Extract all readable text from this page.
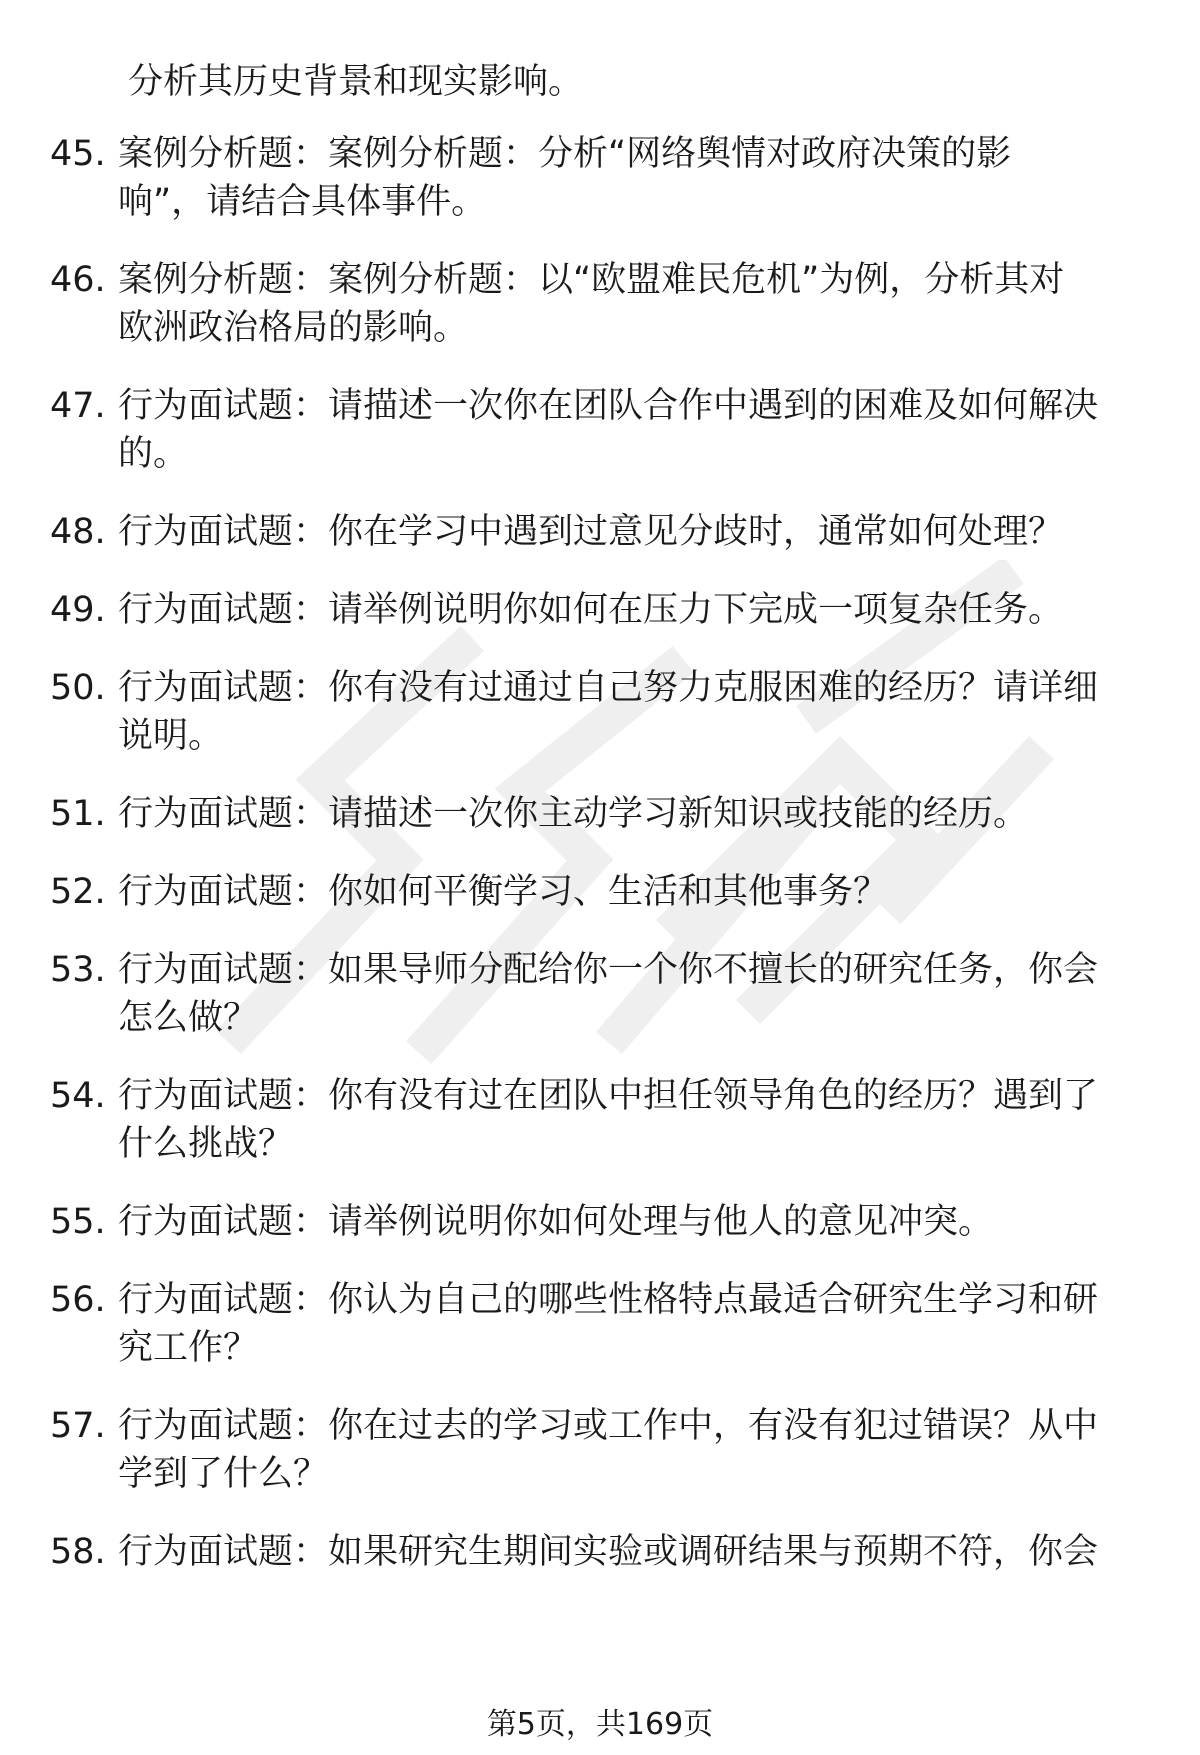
分析其历史背景和现实影响。
45. 案例分析题：案例分析题：分析“网络舆情对政府决策的影
响”，请结合具体事件。
46. 案例分析题：案例分析题：以“欧盟难民危机”为例，分析其对
欧洲政治格局的影响。
47. 行为面试题：请描述一次你在团队合作中遇到的困难及如何解决
的。
48. 行为面试题：你在学习中遇到过意见分歧时，通常如何处理？
49. 行为面试题：请举例说明你如何在压力下完成一项复杂任务。
50. 行为面试题：你有没有过通过自己努力克服困难的经历？请详细
说明。
51. 行为面试题：请描述一次你主动学习新知识或技能的经历。
52. 行为面试题：你如何平衡学习、生活和其他事务？
53. 行为面试题：如果导师分配给你一个你不擅长的研究任务，你会
怎么做？
54. 行为面试题：你有没有过在团队中担任领导角色的经历？遇到了
什么挑战？
55. 行为面试题：请举例说明你如何处理与他人的意见冲突。
56. 行为面试题：你认为自己的哪些性格特点最适合研究生学习和研
究工作？
57. 行为面试题：你在过去的学习或工作中，有没有犯过错误？从中
学到了什么？
58. 行为面试题：如果研究生期间实验或调研结果与预期不符，你会
第5页，共169页
